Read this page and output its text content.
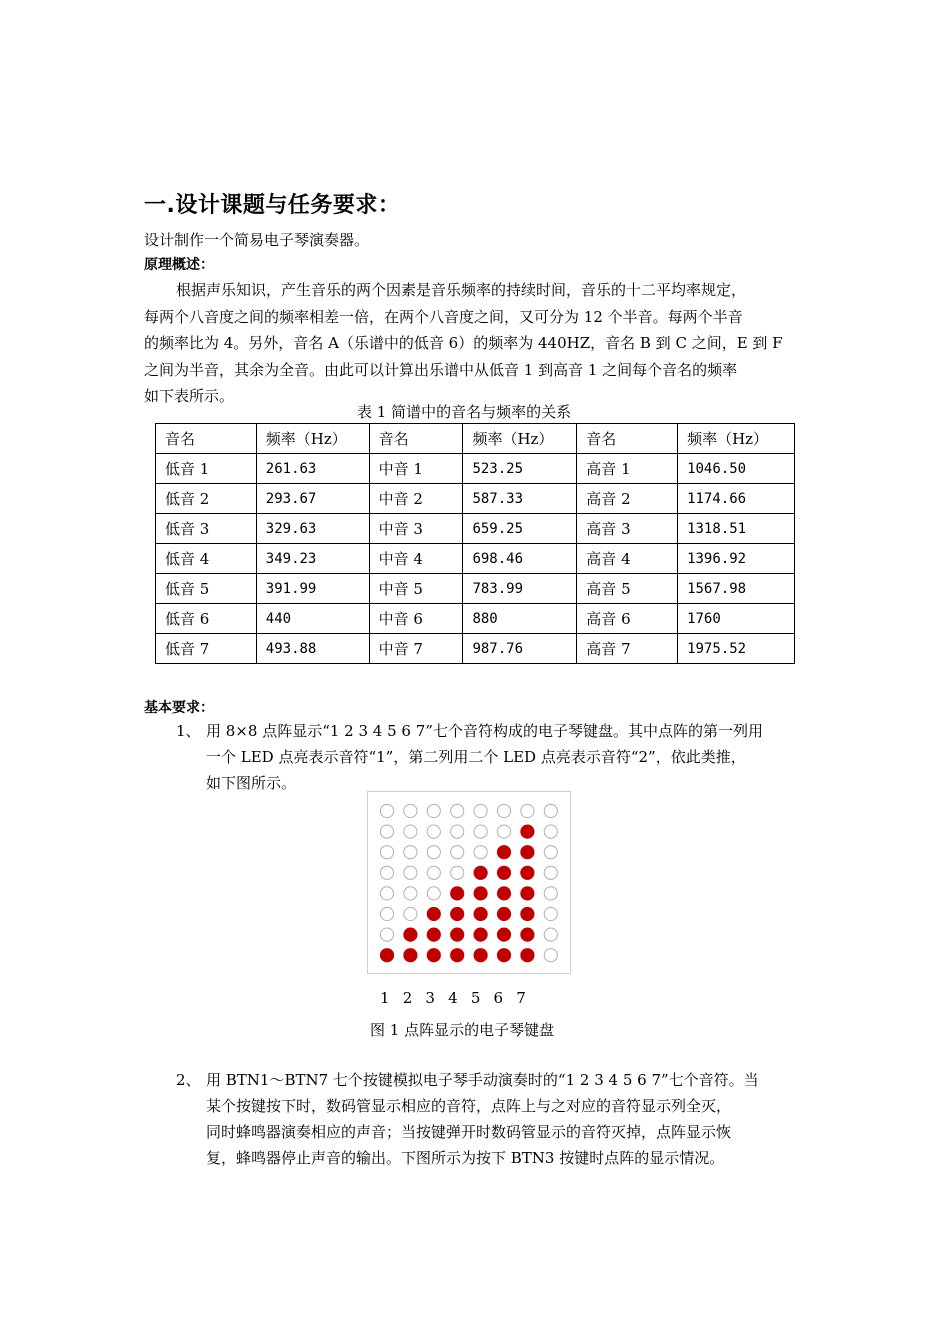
一.设计课题与任务要求：
设计制作一个简易电子琴演奏器。
原理概述：
根据声乐知识，产生音乐的两个因素是音乐频率的持续时间，音乐的十二平均率规定，
每两个八音度之间的频率相差一倍，在两个八音度之间，又可分为 12 个半音。每两个半音
的频率比为 4。另外，音名 A（乐谱中的低音 6）的频率为 440HZ，音名 B 到 C 之间，E 到 F
之间为半音，其余为全音。由此可以计算出乐谱中从低音 1 到高音 1 之间每个音名的频率
如下表所示。
表 1 简谱中的音名与频率的关系
音名	频率（Hz）	音名	频率（Hz）	音名	频率（Hz）
低音 1	261.63	中音 1	523.25	高音 1	1046.50
低音 2	293.67	中音 2	587.33	高音 2	1174.66
低音 3	329.63	中音 3	659.25	高音 3	1318.51
低音 4	349.23	中音 4	698.46	高音 4	1396.92
低音 5	391.99	中音 5	783.99	高音 5	1567.98
低音 6	440	中音 6	880	高音 6	1760
低音 7	493.88	中音 7	987.76	高音 7	1975.52
基本要求：
1、 用 8×8 点阵显示“1 2 3 4 5 6 7”七个音符构成的电子琴键盘。其中点阵的第一列用
一个 LED 点亮表示音符“1”，第二列用二个 LED 点亮表示音符“2”，依此类推，
如下图所示。
1 2 3 4 5 6 7
图 1 点阵显示的电子琴键盘
2、 用 BTN1～BTN7 七个按键模拟电子琴手动演奏时的“1 2 3 4 5 6 7”七个音符。当
某个按键按下时，数码管显示相应的音符，点阵上与之对应的音符显示列全灭，
同时蜂鸣器演奏相应的声音；当按键弹开时数码管显示的音符灭掉，点阵显示恢
复，蜂鸣器停止声音的输出。下图所示为按下 BTN3 按键时点阵的显示情况。
